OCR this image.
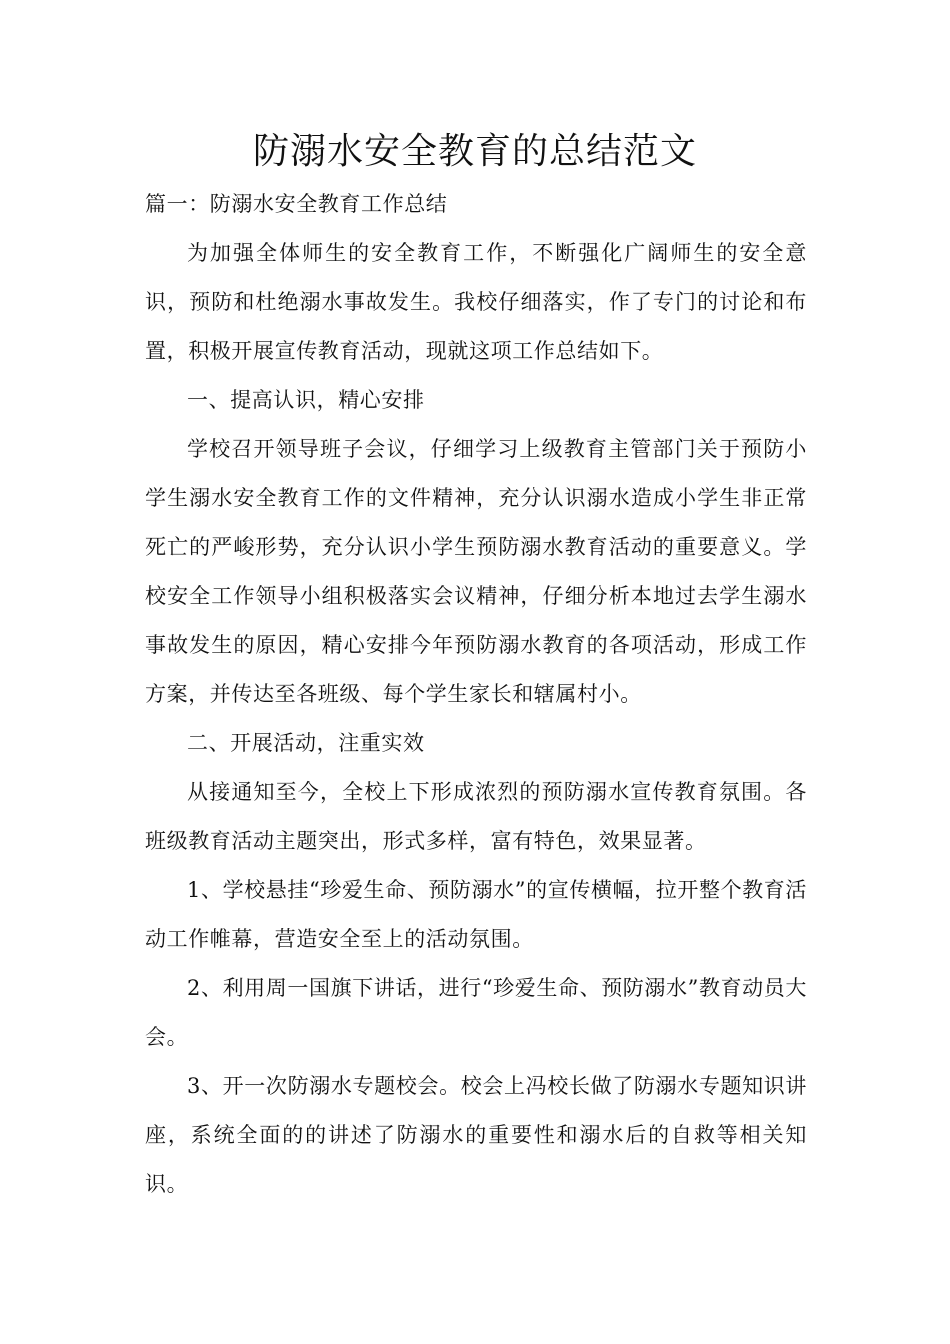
防溺水安全教育的总结范文

篇一：防溺水安全教育工作总结

为加强全体师生的安全教育工作，不断强化广阔师生的安全意识，预防和杜绝溺水事故发生。我校仔细落实，作了专门的讨论和布置，积极开展宣传教育活动，现就这项工作总结如下。

一、提高认识，精心安排

学校召开领导班子会议，仔细学习上级教育主管部门关于预防小学生溺水安全教育工作的文件精神，充分认识溺水造成小学生非正常死亡的严峻形势，充分认识小学生预防溺水教育活动的重要意义。学校安全工作领导小组积极落实会议精神，仔细分析本地过去学生溺水事故发生的原因，精心安排今年预防溺水教育的各项活动，形成工作方案，并传达至各班级、每个学生家长和辖属村小。

二、开展活动，注重实效

从接通知至今，全校上下形成浓烈的预防溺水宣传教育氛围。各班级教育活动主题突出，形式多样，富有特色，效果显著。

1、学校悬挂“珍爱生命、预防溺水”的宣传横幅，拉开整个教育活动工作帷幕，营造安全至上的活动氛围。

2、利用周一国旗下讲话，进行“珍爱生命、预防溺水”教育动员大会。

3、开一次防溺水专题校会。校会上冯校长做了防溺水专题知识讲座，系统全面的的讲述了防溺水的重要性和溺水后的自救等相关知识。
